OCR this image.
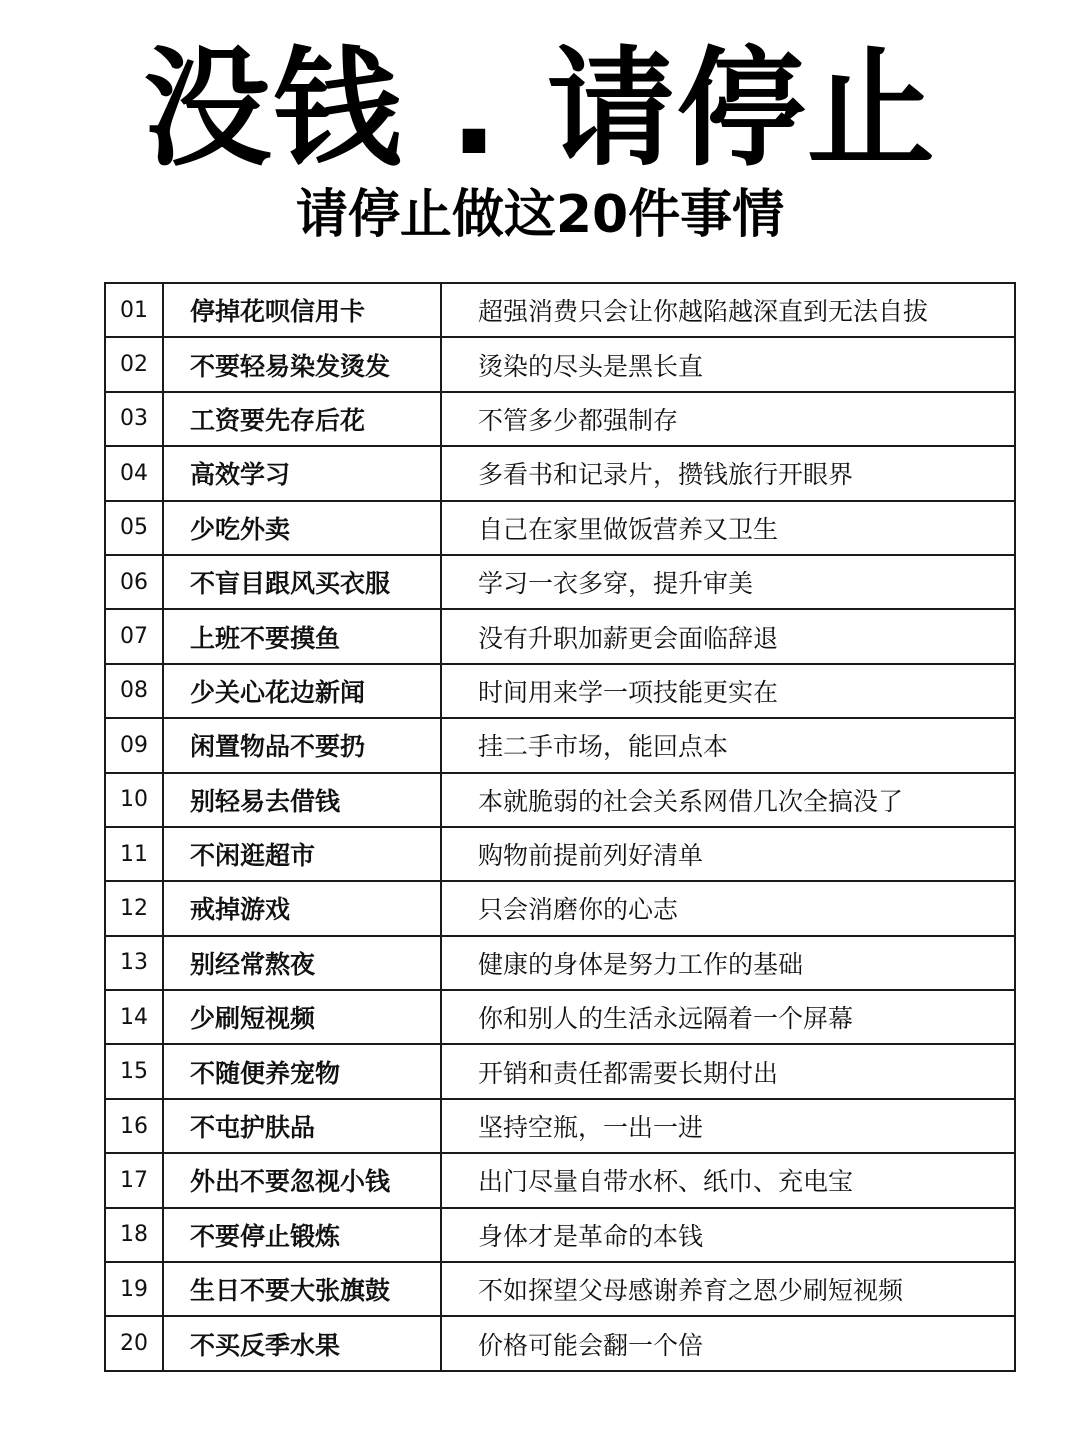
没钱 . 请停止
请停止做这20件事情
01	停掉花呗信用卡	超强消费只会让你越陷越深直到无法自拔
02	不要轻易染发烫发	烫染的尽头是黑长直
03	工资要先存后花	不管多少都强制存
04	高效学习	多看书和记录片，攒钱旅行开眼界
05	少吃外卖	自己在家里做饭营养又卫生
06	不盲目跟风买衣服	学习一衣多穿，提升审美
07	上班不要摸鱼	没有升职加薪更会面临辞退
08	少关心花边新闻	时间用来学一项技能更实在
09	闲置物品不要扔	挂二手市场，能回点本
10	别轻易去借钱	本就脆弱的社会关系网借几次全搞没了
11	不闲逛超市	购物前提前列好清单
12	戒掉游戏	只会消磨你的心志
13	别经常熬夜	健康的身体是努力工作的基础
14	少刷短视频	你和别人的生活永远隔着一个屏幕
15	不随便养宠物	开销和责任都需要长期付出
16	不屯护肤品	坚持空瓶，一出一进
17	外出不要忽视小钱	出门尽量自带水杯、纸巾、充电宝
18	不要停止锻炼	身体才是革命的本钱
19	生日不要大张旗鼓	不如探望父母感谢养育之恩少刷短视频
20	不买反季水果	价格可能会翻一个倍
